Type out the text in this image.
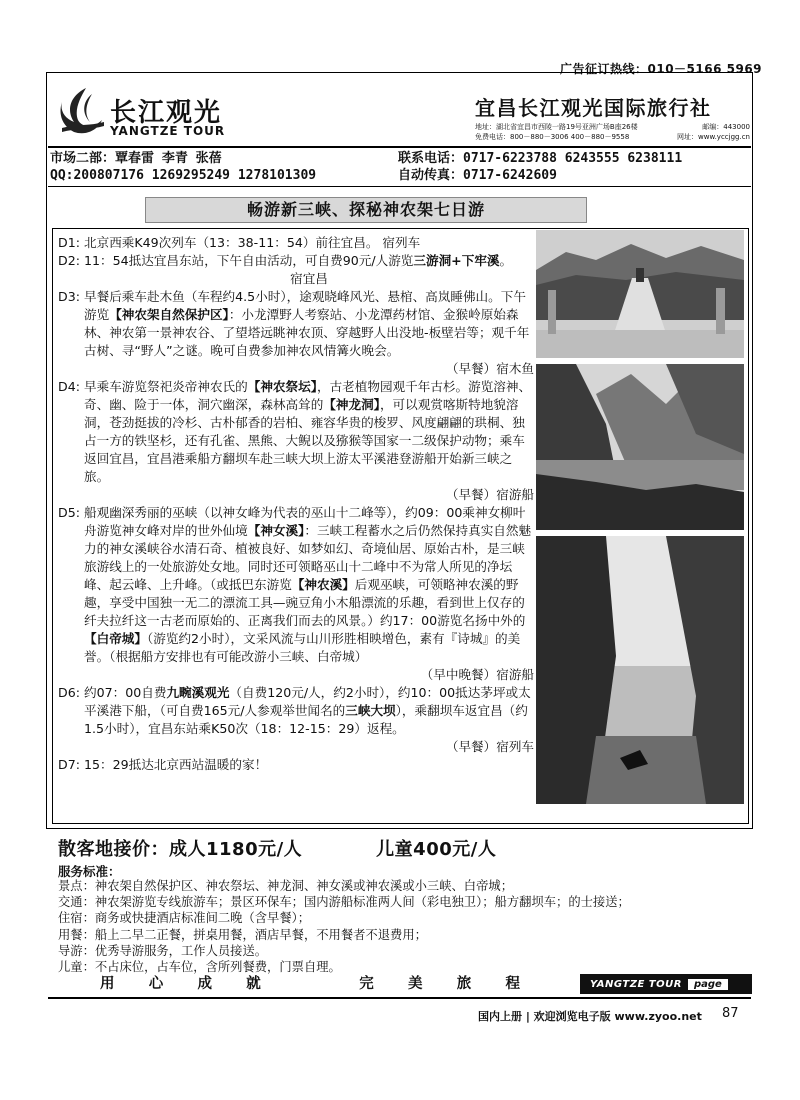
广告征订热线：010－5166 5969
长江观光
YANGTZE TOUR
宜昌长江观光国际旅行社
地址：湖北省宜昌市西陵一路19号亚洲广场B座26楼	邮编：443000
免费电话：800－880－3006 400－880－9558	网址：www.yccjgg.cn
市场二部：覃春雷 李青 张蓓	联系电话：0717-6223788 6243555 6238111
QQ:200807176 1269295249 1278101309	自动传真：0717-6242609
畅游新三峡、探秘神农架七日游
D1: 北京西乘K49次列车（13：38-11：54）前往宜昌。 宿列车
D2: 11：54抵达宜昌东站，下午自由活动，可自费90元/人游览三游洞+下牢溪。
宿宜昌
D3: 早餐后乘车赴木鱼（车程约4.5小时），途观晓峰风光、悬棺、高岚睡佛山。下午游览【神农架自然保护区】：小龙潭野人考察站、小龙潭药材馆、金猴岭原始森林、神农第一景神农谷、了望塔远眺神农顶、穿越野人出没地-板壁岩等；观千年古树、寻“野人”之谜。晚可自费参加神农风情篝火晚会。
（早餐）宿木鱼
D4: 早乘车游览祭祀炎帝神农氏的【神农祭坛】，古老植物园观千年古杉。游览溶神、奇、幽、险于一体，洞穴幽深，森林高耸的【神龙洞】，可以观赏喀斯特地貌溶洞，苍劲挺拔的冷杉、古朴郁香的岩柏、雍容华贵的梭罗、风度翩翩的珙桐、独占一方的铁坚杉，还有孔雀、黑熊、大鲵以及猕猴等国家一二级保护动物；乘车返回宜昌，宜昌港乘船方翻坝车赴三峡大坝上游太平溪港登游船开始新三峡之旅。
（早餐）宿游船
D5: 船观幽深秀丽的巫峡（以神女峰为代表的巫山十二峰等），约09：00乘神女柳叶舟游览神女峰对岸的世外仙境【神女溪】：三峡工程蓄水之后仍然保持真实自然魅力的神女溪峡谷水清石奇、植被良好、如梦如幻、奇境仙居、原始古朴，是三峡旅游线上的一处旅游处女地。同时还可领略巫山十二峰中不为常人所见的净坛峰、起云峰、上升峰。（或抵巴东游览【神农溪】后观巫峡，可领略神农溪的野趣，享受中国独一无二的漂流工具—豌豆角小木船漂流的乐趣，看到世上仅存的纤夫拉纤这一古老而原始的、正离我们而去的风景。）约17：00游览名扬中外的【白帝城】（游览约2小时），文采风流与山川形胜相映增色，素有『诗城』的美誉。（根据船方安排也有可能改游小三峡、白帝城）
（早中晚餐）宿游船
D6: 约07：00自费九畹溪观光（自费120元/人，约2小时），约10：00抵达茅坪或太平溪港下船，（可自费165元/人参观举世闻名的三峡大坝），乘翻坝车返宜昌（约1.5小时），宜昌东站乘K50次（18：12-15：29）返程。
（早餐）宿列车
D7: 15：29抵达北京西站温暖的家！
散客地接价：成人1180元/人	儿童400元/人
服务标准：
景点：神农架自然保护区、神农祭坛、神龙洞、神女溪或神农溪或小三峡、白帝城；
交通：神农架游览专线旅游车；景区环保车；国内游船标准两人间（彩电独卫）；船方翻坝车；的士接送；
住宿：商务或快捷酒店标准间二晚（含早餐）；
用餐：船上二早二正餐，拼桌用餐，酒店早餐，不用餐者不退费用；
导游：优秀导游服务，工作人员接送。
儿童：不占床位，占车位，含所列餐费，门票自理。
用 心 成 就	完 美 旅 程	YANGTZE TOUR	page
国内上册 | 欢迎浏览电子版 www.zyoo.net 87
